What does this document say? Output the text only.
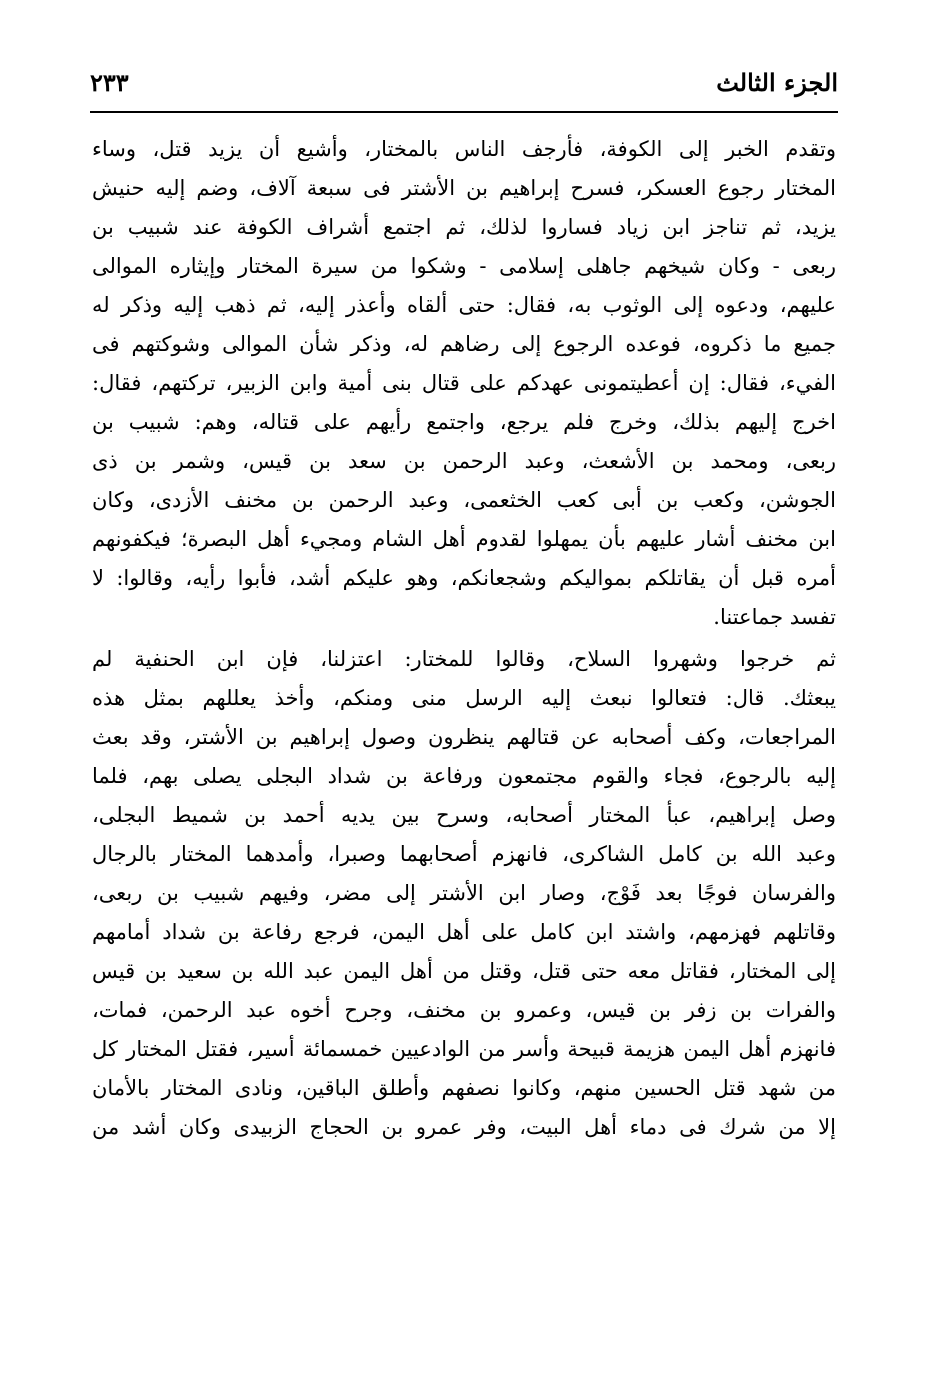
الجزء الثالث
٢٣٣
وتقدم الخبر إلى الكوفة، فأرجف الناس بالمختار، وأشيع أن يزيد قتل، وساء
المختار رجوع العسكر، فسرح إبراهيم بن الأشتر فى سبعة آلاف، وضم إليه حنيش
يزيد، ثم تناجز ابن زياد فساروا لذلك، ثم اجتمع أشراف الكوفة عند شبيب بن
ربعى - وكان شيخهم جاهلى إسلامى - وشكوا من سيرة المختار وإيثاره الموالى
عليهم، ودعوه إلى الوثوب به، فقال: حتى ألقاه وأعذر إليه، ثم ذهب إليه وذكر له
جميع ما ذكروه، فوعده الرجوع إلى رضاهم له، وذكر شأن الموالى وشوكتهم فى
الفيء، فقال: إن أعطيتمونى عهدكم على قتال بنى أمية وابن الزبير، تركتهم، فقال:
اخرج إليهم بذلك، وخرج فلم يرجع، واجتمع رأيهم على قتاله، وهم: شبيب بن
ربعى، ومحمد بن الأشعث، وعبد الرحمن بن سعد بن قيس، وشمر بن ذى
الجوشن، وكعب بن أبى كعب الخثعمى، وعبد الرحمن بن مخنف الأزدى، وكان
ابن مخنف أشار عليهم بأن يمهلوا لقدوم أهل الشام ومجيء أهل البصرة؛ فيكفونهم
أمره قبل أن يقاتلكم بمواليكم وشجعانكم، وهو عليكم أشد، فأبوا رأيه، وقالوا: لا
تفسد جماعتنا.
ثم خرجوا وشهروا السلاح، وقالوا للمختار: اعتزلنا، فإن ابن الحنفية لم
يبعثك. قال: فتعالوا نبعث إليه الرسل منى ومنكم، وأخذ يعللهم بمثل هذه
المراجعات، وكف أصحابه عن قتالهم ينظرون وصول إبراهيم بن الأشتر، وقد بعث
إليه بالرجوع، فجاء والقوم مجتمعون ورفاعة بن شداد البجلى يصلى بهم، فلما
وصل إبراهيم، عبأ المختار أصحابه، وسرح بين يديه أحمد بن شميط البجلى،
وعبد الله بن كامل الشاكرى، فانهزم أصحابهما وصبرا، وأمدهما المختار بالرجال
والفرسان فوجًا بعد فَوْج، وصار ابن الأشتر إلى مضر، وفيهم شبيب بن ربعى،
وقاتلهم فهزمهم، واشتد ابن كامل على أهل اليمن، فرجع رفاعة بن شداد أمامهم
إلى المختار، فقاتل معه حتى قتل، وقتل من أهل اليمن عبد الله بن سعيد بن قيس
والفرات بن زفر بن قيس، وعمرو بن مخنف، وجرح أخوه عبد الرحمن، فمات،
فانهزم أهل اليمن هزيمة قبيحة وأسر من الوادعيين خمسمائة أسير، فقتل المختار كل
من شهد قتل الحسين منهم، وكانوا نصفهم وأطلق الباقين، ونادى المختار بالأمان
إلا من شرك فى دماء أهل البيت، وفر عمرو بن الحجاج الزبيدى وكان أشد من
